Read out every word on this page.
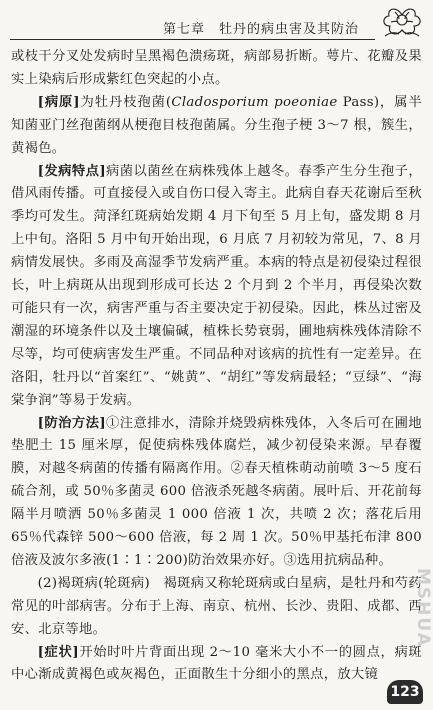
第七章　牡丹的病虫害及其防治

或枝干分叉处发病时呈黑褐色溃疡斑，病部易折断。萼片、花瓣及果实上染病后形成紫红色突起的小点。

[ 病原 ] 为牡丹枝孢菌(Cladosporium poeoniae Pass)，属半知菌亚门丝孢菌纲从梗孢目枝孢菌属。分生孢子梗 3～7 根，簇生，黄褐色。

[ 发病特点 ] 病菌以菌丝在病株残体上越冬。春季产生分生孢子，借风雨传播。可直接侵入或自伤口侵入寄主。此病自春天花谢后至秋季均可发生。菏泽红斑病始发期 4 月下旬至 5 月上旬，盛发期 8 月上中旬。洛阳 5 月中旬开始出现，6 月底 7 月初较为常见，7、8 月病情发展快。多雨及高湿季节发病严重。本病的特点是初侵染过程很长，叶上病斑从出现到形成可长达 2 个月到 2 个半月，再侵染次数可能只有一次，病害严重与否主要决定于初侵染。因此，株丛过密及潮湿的环境条件以及土壤偏碱，植株长势衰弱，圃地病株残体清除不尽等，均可使病害发生严重。不同品种对该病的抗性有一定差异。在洛阳，牡丹以“首案红”、“姚黄”、“胡红”等发病最轻；“豆绿”、“海棠争润”等易于发病。

[ 防治方法 ] ①注意排水，清除并烧毁病株残体，入冬后可在圃地垫肥土 15 厘米厚，促使病株残体腐烂，减少初侵染来源。早春覆膜，对越冬病菌的传播有隔离作用。②春天植株萌动前喷 3～5 度石硫合剂，或 50％多菌灵 600 倍液杀死越冬病菌。展叶后、开花前每隔半月喷洒 50％多菌灵 1 000 倍液 1 次，共喷 2 次；落花后用 65％代森锌 500～600 倍液，每 2 周 1 次。50％甲基托布津 800 倍液及波尔多液(1∶1∶200)防治效果亦好。③选用抗病品种。

(2)褐斑病(轮斑病)　褐斑病又称轮斑病或白星病，是牡丹和芍药常见的叶部病害。分布于上海、南京、杭州、长沙、贵阳、成都、西安、北京等地。

[ 症状 ] 开始时叶片背面出现 2～10 毫米大小不一的圆点，病斑中心渐成黄褐色或灰褐色，正面散生十分细小的黑点，放大镜

MSHUA
123
